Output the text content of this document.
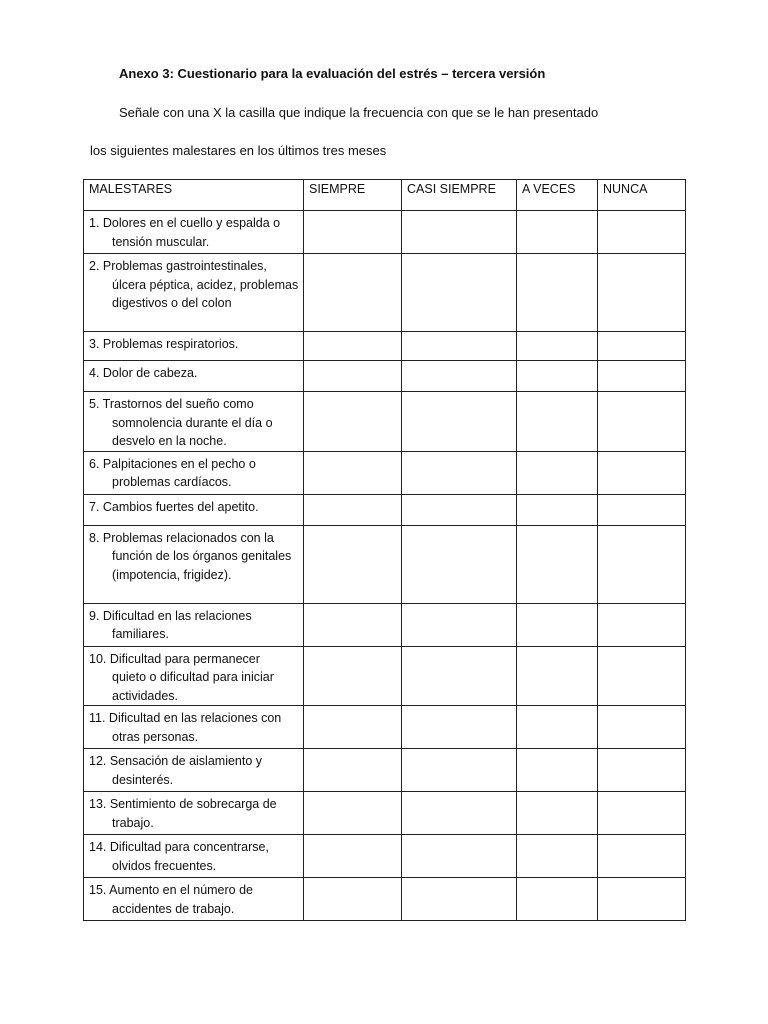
Anexo 3: Cuestionario para la evaluación del estrés – tercera versión
Señale con una X la casilla que indique la frecuencia con que se le han presentado
los siguientes malestares en los últimos tres meses
MALESTARES	SIEMPRE	CASI SIEMPRE	A VECES	NUNCA

1. Dolores en el cuello y espalda o
tensión muscular.				

2. Problemas gastrointestinales,
úlcera péptica, acidez, problemas digestivos o del colon				

3. Problemas respiratorios.				

4. Dolor de cabeza.				

5. Trastornos del sueño como
somnolencia durante el día o desvelo en la noche.				

6. Palpitaciones en el pecho o
problemas cardíacos.				

7. Cambios fuertes del apetito.				

8. Problemas relacionados con la
función de los órganos genitales (impotencia, frigidez).				

9. Dificultad en las relaciones
familiares.				

10. Dificultad para permanecer
quieto o dificultad para iniciar actividades.				

11. Dificultad en las relaciones con
otras personas.				

12. Sensación de aislamiento y
desinterés.				

13. Sentimiento de sobrecarga de
trabajo.				

14. Dificultad para concentrarse,
olvidos frecuentes.				

15. Aumento en el número de
accidentes de trabajo.				
